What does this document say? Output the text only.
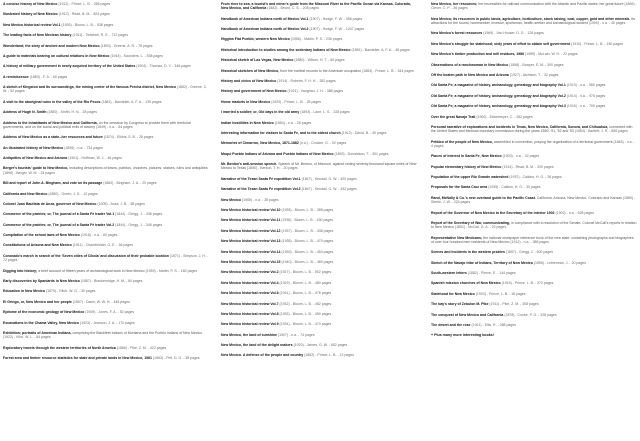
A concise history of New Mexico (1912) - Prince, L. B. - 286 pages
Illustrated history of New Mexico (1912) - Read, B. M. - 824 pages
New Mexico historical review Vol.1 (1926) - Bloom, L. B. - 538 pages
The leading facts of New Mexican history (1911) - Twitchell, R. E. - 712 pages
Wonderland; the story of ancient and modern New Mexico (1893) - Greene, A. R. - 78 pages
A guide to materials bearing on cultural relations in New Mexico (1944) - Saunders, L. - 538 pages
A history of military government in newly acquired territory of the United States (1904) - Thomas, D. Y. - 346 pages
A reminiscence (1883) - F. A. - 60 pages
A sketch of Kingston and its surroundings, the mining center of the famous Percha district, New Mexico (1882) - Greene, C. W. - 52 pages
A visit to the aboriginal ruins in the valley of the Rio Pecos (1881) - Bandelier, A. F. A. - 139 pages
Address of Hugh N. Smith (1850) - Smith, H. N. - 28 pages
Address to the inhabitants of New Mexico and California, on the omission by Congress to provide them with territorial governments, and on the social and political evils of slavery (1849) - n.a. - 64 pages
Address of New Mexico as a state--her resources and future (1874) - Elkins, S. B. - 28 pages
An illustrated history of New Mexico (1895) - n.a. - 734 pages
Antiquities of New Mexico and Arizona (1901) - Hoffman, W. J. - 46 pages
Berger's tourists' guide to New Mexico, including descriptions of towns, pueblos, churches, pictures, statues, ruins and antiquities (1896) - Berger, W. M. - 34 pages
Bill and report of John A. Bingham, and vote on its passage (1860) - Bingham, J. A. - 20 pages
California and New Mexico (1850) - Green, J. S. - 12 pages
Colonel Juan Bautista de Anza, governor of New Mexico (1905) - Anza, J. B. - 58 pages
Commerce of the prairies; or, The journal of a Santa Fé trader Vol.1 (1844) - Gregg, J. - 336 pages
Commerce of the prairies; or, The journal of a Santa Fé trader Vol.2 (1844) - Gregg, J. - 346 pages
Compilation of the school laws of New Mexico (1918) - n.a. - 60 pages
Constitutions of Arizona and New Mexico (1911) - Chamberlain, G. E. - 36 pages
Coronado's march in search of the 'Seven cities of Cibola' and discussion of their probable location (1871) - Simpson, J. H. - 72 pages
Digging into history; a brief account of fifteen years of archaeological work in New Mexico (1959) - Martin, P. S. - 160 pages
Early discoveries by Spaniards in New Mexico (1887) - Brackenridge, H. M. - 84 pages
Education in New Mexico (1875) - Ritch, W. G. - 30 pages
El Gringo, or, New Mexico and her people (1857) - Davis, W. W. H. - 448 pages
Epitome of the economic geology of New Mexico (1909) - Jones, F. A. - 52 pages
Excavations in the Chama Valley, New Mexico (1923) - Jeancon, J. A. - 170 pages
Exhibition; portraits of American Indians, comprising the Blackfeet Indians of Montana and the Pueblo Indians of New Mexico (1922) - Kihn, W. L. - 64 pages
Exploratory travels through the western territories of North America (1866) - Pike, Z. M. - 422 pages
Forest area and timber resource statistics for state and private lands in New Mexico, 1961 (1963) - Pell, D. G. - 38 pages
From river to sea; a tourist's and miner's guide from the Missouri River to the Pacific Ocean via Kansas, Colorado, New Mexico, and California (1882) - Beard, C. S. - 208 pages
Handbook of American Indians north of Mexico Vol.1 (1907) - Hodge, F. W. - 956 pages
Handbook of American Indians north of Mexico Vol.2 (1907) - Hodge, F. W. - 1247 pages
Higgins Flat Pueblo, western New Mexico (1956) - Martin, P. S. - 236 pages
Historical introduction to studies among the sedentary Indians of New Mexico (1881) - Bandelier, A. F. A. - 48 pages
Historical sketch of Las Vegas, New Mexico (1880) - Wilson, H. T. - 60 pages
Historical sketches of New Mexico, from the earliest records to the American occupation (1883) - Prince, L. B. - 344 pages
History and civics of New Mexico (1914) - Roberts, F. H. H. - 352 pages
History and government of New Mexico (1921) - Vaughan, J. H. - 388 pages
Home markets in New Mexico (1920) - Prince, L. B. - 28 pages
I married a soldier; or, Old days in the old army (1893) - Lane, L. S. - 228 pages
Indian hostilities in New Mexico (1854) - n.a. - 26 pages
Interesting information for visitors to Santa Fe, and to the oldest church (1912) - David, B. - 40 pages
Memories of Cimarron, New Mexico, 1871-1882 (n.d.) - Crocker, G. - 92 pages
Moqui Pueblo Indians of Arizona and Pueblo Indians of New Mexico (1893) - Donaldson, T. - 301 pages
Mr. Benton's anti-session speech. Speech of Mr. Benton, of Missouri, against ceding seventy thousand square miles of New Mexico to Texas (1850) - Benton, T. H. - 20 pages
Narrative of the Texan Santa Fé expedition Vol.1 (1847) - Kendall, G. W. - 420 pages
Narrative of the Texan Santa Fé expedition Vol.2 (1847) - Kendall, G. W. - 442 pages
New Mexico (1965) - n.a. - 28 pages
New Mexico historical review Vol.10 (1935) - Bloom, L. B. - 388 pages
New Mexico historical review Vol.11 (1936) - Bloom, L. B. - 430 pages
New Mexico historical review Vol.12 (1937) - Bloom, L. B. - 438 pages
New Mexico historical review Vol.13 (1938) - Bloom, L. B. - 470 pages
New Mexico historical review Vol.14 (1939) - Bloom, L. B. - 454 pages
New Mexico historical review Vol.15 (1940) - Bloom, L. B. - 480 pages
New Mexico historical review Vol.2 (1927) - Bloom, L. B. - 502 pages
New Mexico historical review Vol.4 (1929) - Bloom, L. B. - 480 pages
New Mexico historical review Vol.6 (1931) - Bloom, L. B. - 478 pages
New Mexico historical review Vol.7 (1932) - Bloom, L. B. - 462 pages
New Mexico historical review Vol.8 (1933) - Bloom, L. B. - 450 pages
New Mexico historical review Vol.9 (1934) - Bloom, L. B. - 474 pages
New Mexico, the land of sunshine (1907) - n.a. - 74 pages
New Mexico, the land of the delight makers (1920) - James, G. W. - 652 pages
New Mexico. A defense of the people and country (1882) - Prince, L. B. - 12 pages
New Mexico, her resources; her necessities for railroad communication with the Atlantic and Pacific states; her great future (1869) - Clever, C. P. - 36 pages
New Mexico; its resources in public lands, agriculture, horticulture, stock raising, coal, copper, gold and other minerals. Its attractions for the tourist, homeseeker, investor, sportsman, health-seeker and archaeological student (1909) - n.a. - 40 pages
New Mexico's forest resources (1969) - Van Hooser, D. D. - 126 pages
New Mexico's struggle for statehood; sixty years of effort to obtain self government (1910) - Prince, L. B. - 150 pages
New Mexico's timber production and mill residues, 1986 (1989) - McLain, W. H. - 22 pages
Observations of a ranchwoman in New Mexico (1898) - Bowyer, E. M. - 300 pages
Off the beaten path in New Mexico and Arizona (1927) - Atchison, T. - 32 pages
Old Santa Fe; a magazine of history, archaeology, genealogy and biography Vol.1 (1913) - n.a. - 980 pages
Old Santa Fe; a magazine of history, archaeology, genealogy and biography Vol.2 (1914) - n.a. - 976 pages
Old Santa Fe; a magazine of history, archaeology, genealogy and biography Vol.3 (1916) - n.a. - 700 pages
Over the great Navajo Trail (1900) - Eickemeyer, C. - 282 pages
Personal narrative of explorations and incidents in Texas, New Mexico, California, Sonora, and Chihuahua, connected with the United States and Mexican boundary commission during the years 1850, '51, '52 and '53 (1854) - Bartlett, J. R. - 856 pages
Petition of the people of New Mexico, assembled in convention, praying the organization of a territorial government (1848) - n.a. - 4 pages
Places of interest in Santa Fe, New Mexico (1903) - n.a. - 32 pages
Popular elementary history of New Mexico (1914) - Read, B. M. - 200 pages
Population of the upper Rio Grande watershed (1937) - Calkins, H. G. - 26 pages
Proposals for the Santa Cruz area (1935) - Calkins, H. G. - 30 pages
Rand, McNally & Co.'s new overland guide to the Pacific Coast. California, Arizona, New Mexico, Colorado and Kansas (1889) - Steele, J. W. - 224 pages
Report of the Governor of New Mexico to the Secretary of the interior 1902 (1902) - n.a. - 628 pages
Report of the Secretary of War, communicating, in compliance with a resolution of the Senate, Colonel McCall's reports in relation to New Mexico (1851) - McCall, G. A. - 22 pages
Representative New Mexicans; the national newspaper reference book of the new state, containing photographs and biographies of over four hundred men residents of New Mexico (1912) - n.a. - 388 pages
Scenes and incidents in the western prairies (1857) - Gregg, J. - 600 pages
Sketch of the Navajo tribe of Indians, Territory of New Mexico (1856) - Letherman, J. - 20 pages
South-western letters (1882) - Pierce, E. - 144 pages
Spanish mission churches of New Mexico (1915) - Prince, L. B. - 372 pages
Statehood for New Mexico (1903) - Prince, L. B. - 18 pages
The bay's story of Zebulon M. Pike (1911) - Pike, Z. M. - 308 pages
The conquest of New Mexico and California (1878) - Cooke, P. G. - 328 pages
The desert and the rose (1921) - Ellis, R. - 288 pages
+ Plus many more interesting books!
